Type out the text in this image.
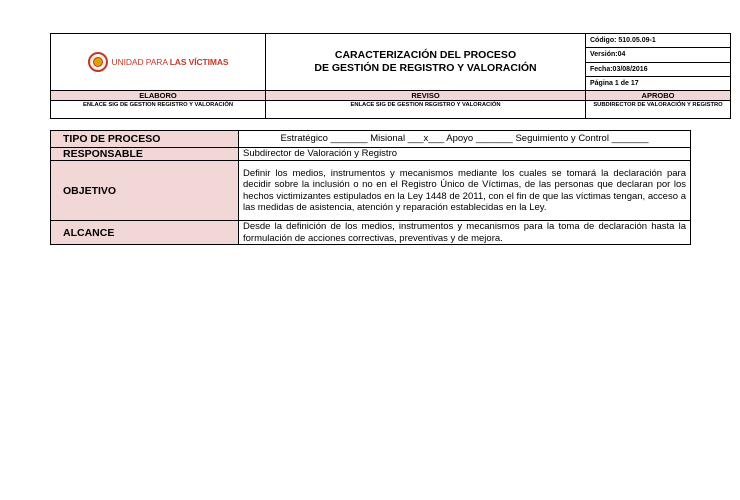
UNIDAD PARA LAS VÍCTIMAS	CARACTERIZACIÓN DEL PROCESO
DE GESTIÓN DE REGISTRO Y VALORACIÓN	Código: 510.05.09-1
		Versión:04
		Fecha:03/08/2016
		Página 1 de 17
ELABORO	REVISO	APROBO
ENLACE SIG DE GESTION REGISTRO Y VALORACIÓN	ENLACE SIG DE GESTION REGISTRO Y VALORACIÓN	SUBDIRECTOR DE VALORACIÓN Y REGISTRO
TIPO DE PROCESO	Estratégico _______ Misional ___x___ Apoyo _______ Seguimiento y Control _______
RESPONSABLE	Subdirector de Valoración y Registro
OBJETIVO	Definir los medios, instrumentos y mecanismos mediante los cuales se tomará la declaración para decidir sobre la inclusión o no en el Registro Único de Víctimas, de las personas que declaran por los hechos victimizantes estipulados en la Ley 1448 de 2011, con el fin de que las víctimas tengan, acceso a las medidas de asistencia, atención y reparación establecidas en la Ley.
ALCANCE	Desde la definición de los medios, instrumentos y mecanismos para la toma de declaración hasta la formulación de acciones correctivas, preventivas y de mejora.
